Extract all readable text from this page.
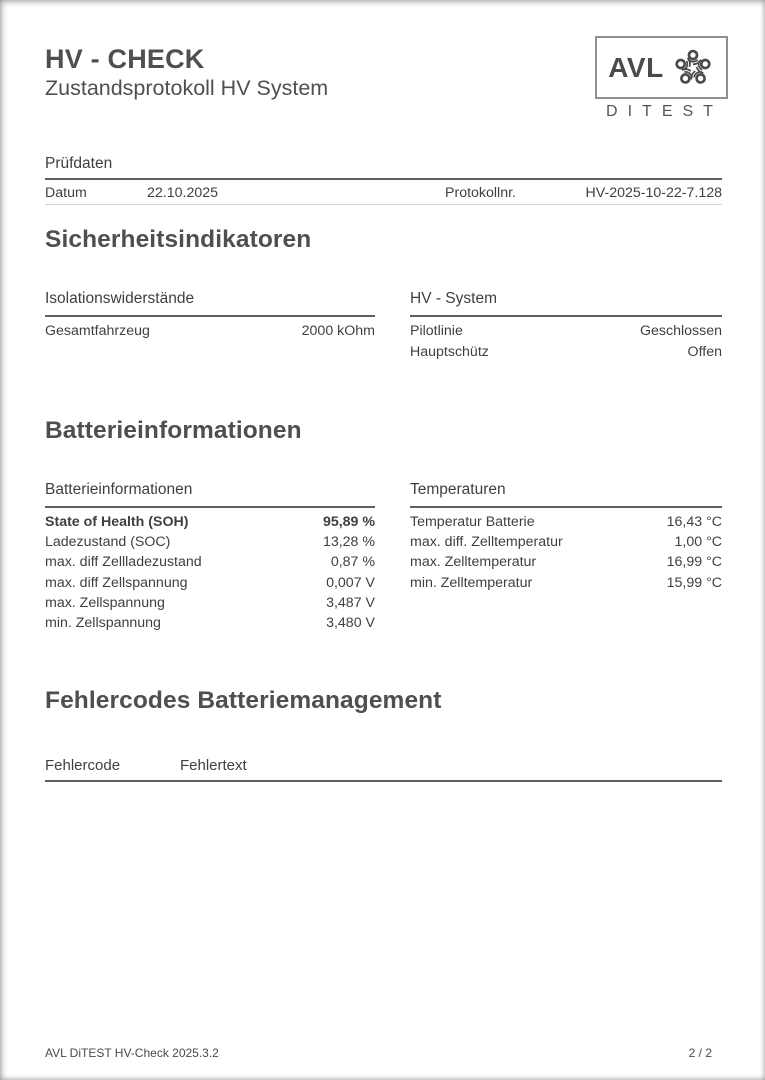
HV - CHECK
Zustandsprotokoll HV System
AVL
DITEST
Prüfdaten
Datum	22.10.2025	Protokollnr.	HV-2025-10-22-7.128
Sicherheitsindikatoren
Isolationswiderstände
Gesamtfahrzeug	2000 kOhm
HV - System
Pilotlinie	Geschlossen
Hauptschütz	Offen
Batterieinformationen
Batterieinformationen
State of Health (SOH)	95,89 %
Ladezustand (SOC)	13,28 %
max. diff Zellladezustand	0,87 %
max. diff Zellspannung	0,007 V
max. Zellspannung	3,487 V
min. Zellspannung	3,480 V
Temperaturen
Temperatur Batterie	16,43 °C
max. diff. Zelltemperatur	1,00 °C
max. Zelltemperatur	16,99 °C
min. Zelltemperatur	15,99 °C
Fehlercodes Batteriemanagement
Fehlercode	Fehlertext
AVL DiTEST HV-Check 2025.3.2	2 / 2
